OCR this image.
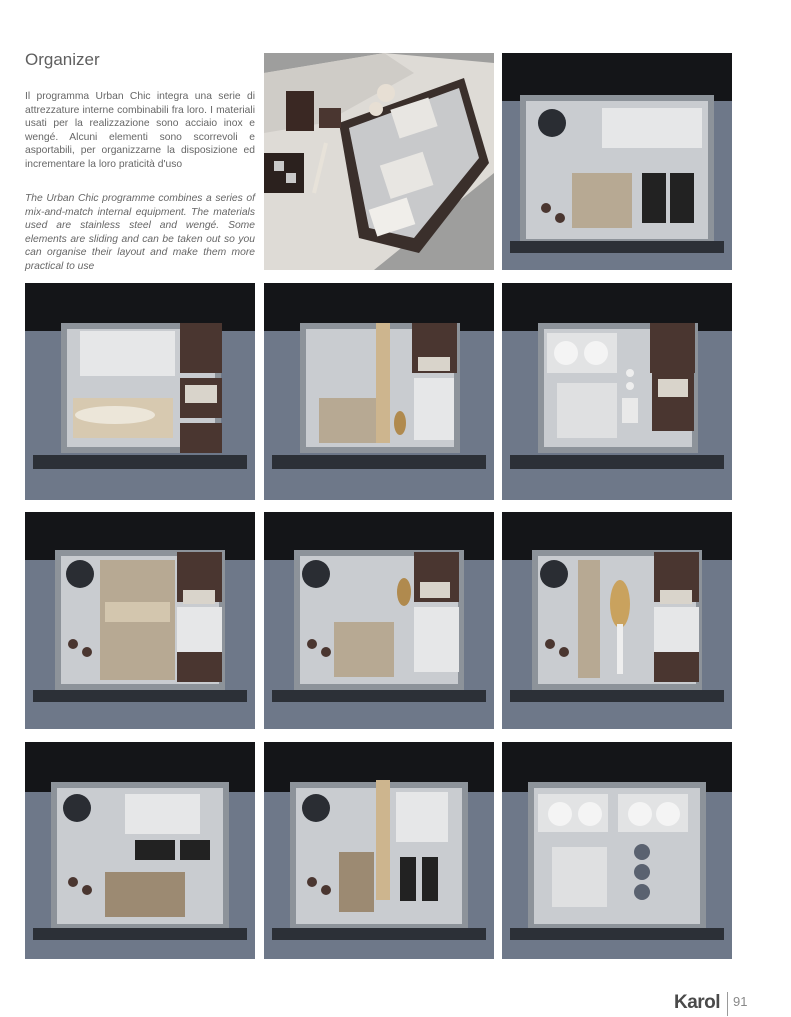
Organizer

Il programma Urban Chic integra una serie di attrezzature interne combinabili fra loro. I materiali usati per la realizzazione sono acciaio inox e wengé. Alcuni elementi sono scorrevoli e asportabili, per organizzarne la disposizione ed incrementare la loro praticità d'uso

The Urban Chic programme combines a series of mix-and-match internal equipment. The materials used are stainless steel and wengé. Some elements are sliding and can be taken out so you can organise their layout and make them more practical to use

Karol 91
